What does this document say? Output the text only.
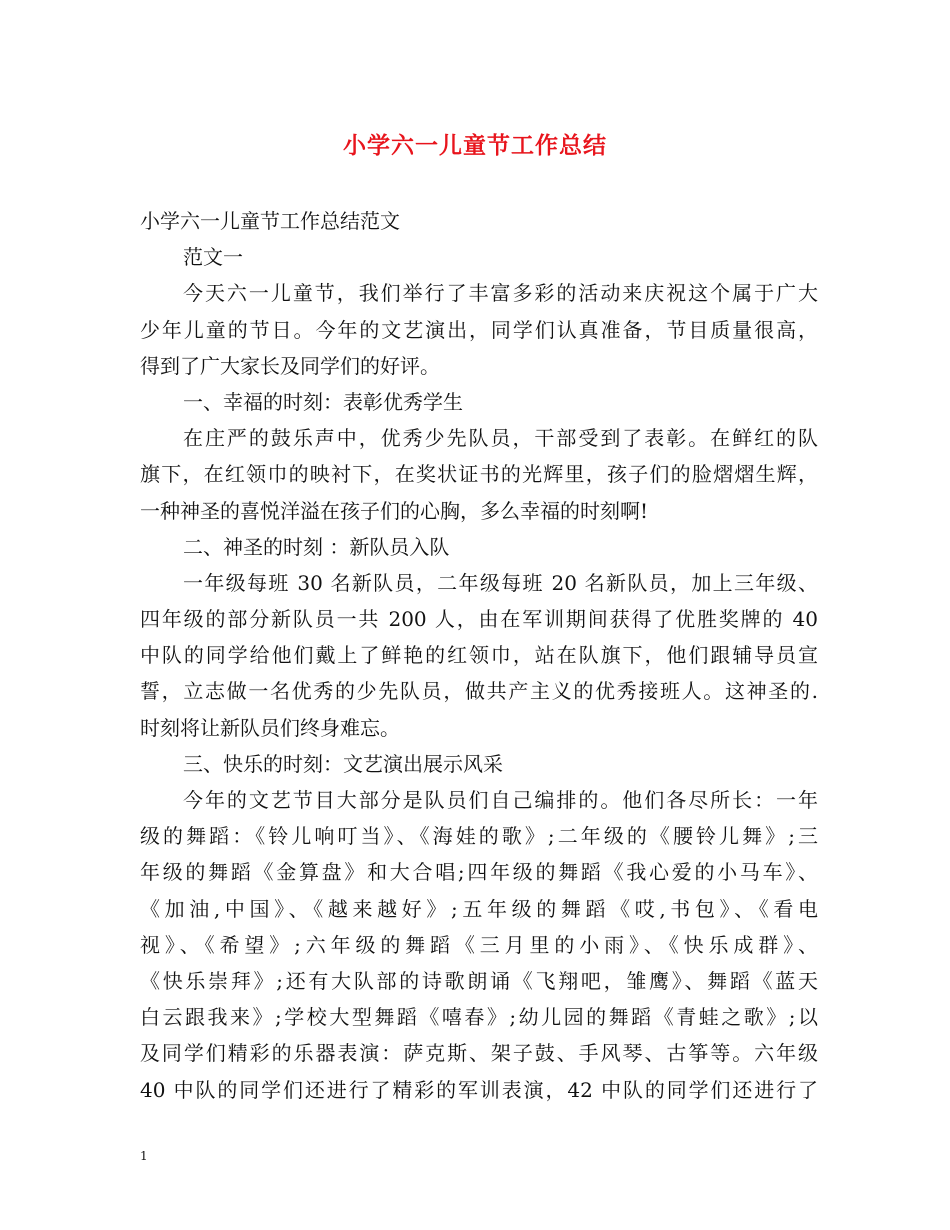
小学六一儿童节工作总结
小学六一儿童节工作总结范文
范文一
今天六一儿童节，我们举行了丰富多彩的活动来庆祝这个属于广大
少年儿童的节日。今年的文艺演出，同学们认真准备，节目质量很高，
得到了广大家长及同学们的好评。
一、幸福的时刻：表彰优秀学生
在庄严的鼓乐声中，优秀少先队员，干部受到了表彰。在鲜红的队
旗下，在红领巾的映衬下，在奖状证书的光辉里，孩子们的脸熠熠生辉，
一种神圣的喜悦洋溢在孩子们的心胸，多么幸福的时刻啊!
二、神圣的时刻 ：新队员入队
一年级每班 30 名新队员，二年级每班 20 名新队员，加上三年级、
四年级的部分新队员一共 200 人，由在军训期间获得了优胜奖牌的 40
中队的同学给他们戴上了鲜艳的红领巾，站在队旗下，他们跟辅导员宣
誓，立志做一名优秀的少先队员，做共产主义的优秀接班人。这神圣的.
时刻将让新队员们终身难忘。
三、快乐的时刻：文艺演出展示风采
今年的文艺节目大部分是队员们自己编排的。他们各尽所长：一年
级的舞蹈：《铃儿响叮当》、《海娃的歌》;二年级的《腰铃儿舞》;三
年级的舞蹈《金算盘》和大合唱;四年级的舞蹈《我心爱的小马车》、
《加油,中国》、《越来越好》;五年级的舞蹈《哎,书包》、《看电
视》、《希望》;六年级的舞蹈《三月里的小雨》、《快乐成群》、
《快乐崇拜》;还有大队部的诗歌朗诵《飞翔吧，雏鹰》、舞蹈《蓝天
白云跟我来》;学校大型舞蹈《嘻春》;幼儿园的舞蹈《青蛙之歌》;以
及同学们精彩的乐器表演：萨克斯、架子鼓、手风琴、古筝等。六年级
40 中队的同学们还进行了精彩的军训表演，42 中队的同学们还进行了
1
